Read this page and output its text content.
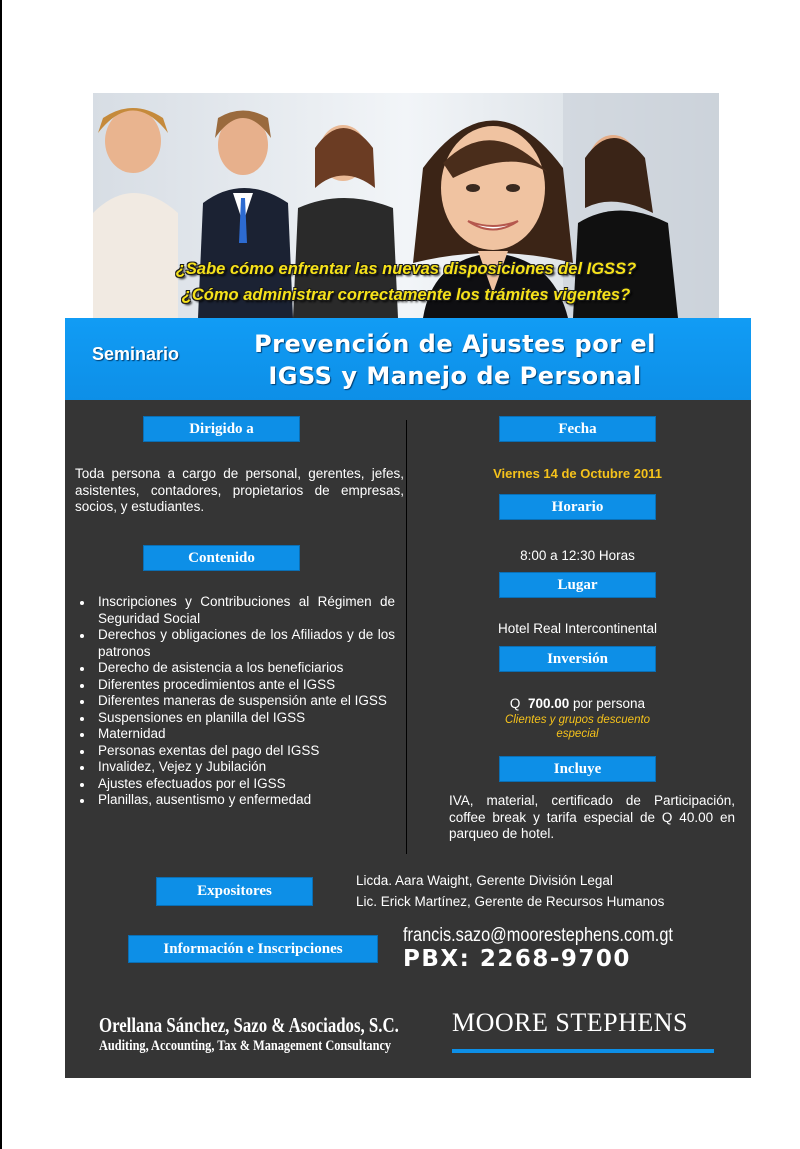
¿Sabe cómo enfrentar las nuevas disposiciones del IGSS?
¿Cómo administrar correctamente los trámites vigentes?
Seminario	Prevención de Ajustes por el
IGSS y Manejo de Personal
Dirigido a
Toda persona a cargo de personal, gerentes, jefes, asistentes, contadores, propietarios de empresas, socios, y estudiantes.
Contenido
Inscripciones y Contribuciones al Régimen de Seguridad Social
Derechos y obligaciones de los Afiliados y de los patronos
Derecho de asistencia a los beneficiarios
Diferentes procedimientos ante el IGSS
Diferentes maneras de suspensión ante el IGSS
Suspensiones en planilla del IGSS
Maternidad
Personas exentas del pago del IGSS
Invalidez, Vejez y Jubilación
Ajustes efectuados por el IGSS
Planillas, ausentismo y enfermedad
Fecha
Viernes 14 de Octubre 2011
Horario
8:00 a 12:30 Horas
Lugar
Hotel Real Intercontinental
Inversión
Q 700.00 por persona
Clientes y grupos descuento
especial
Incluye
IVA, material, certificado de Participación, coffee break y tarifa especial de Q 40.00 en parqueo de hotel.
Expositores
Licda. Aara Waight, Gerente División Legal
Lic. Erick Martínez, Gerente de Recursos Humanos
Información e Inscripciones
francis.sazo@moorestephens.com.gt
PBX: 2268-9700
Orellana Sánchez, Sazo & Asociados, S.C.
Auditing, Accounting, Tax & Management Consultancy
MOORE STEPHENS
